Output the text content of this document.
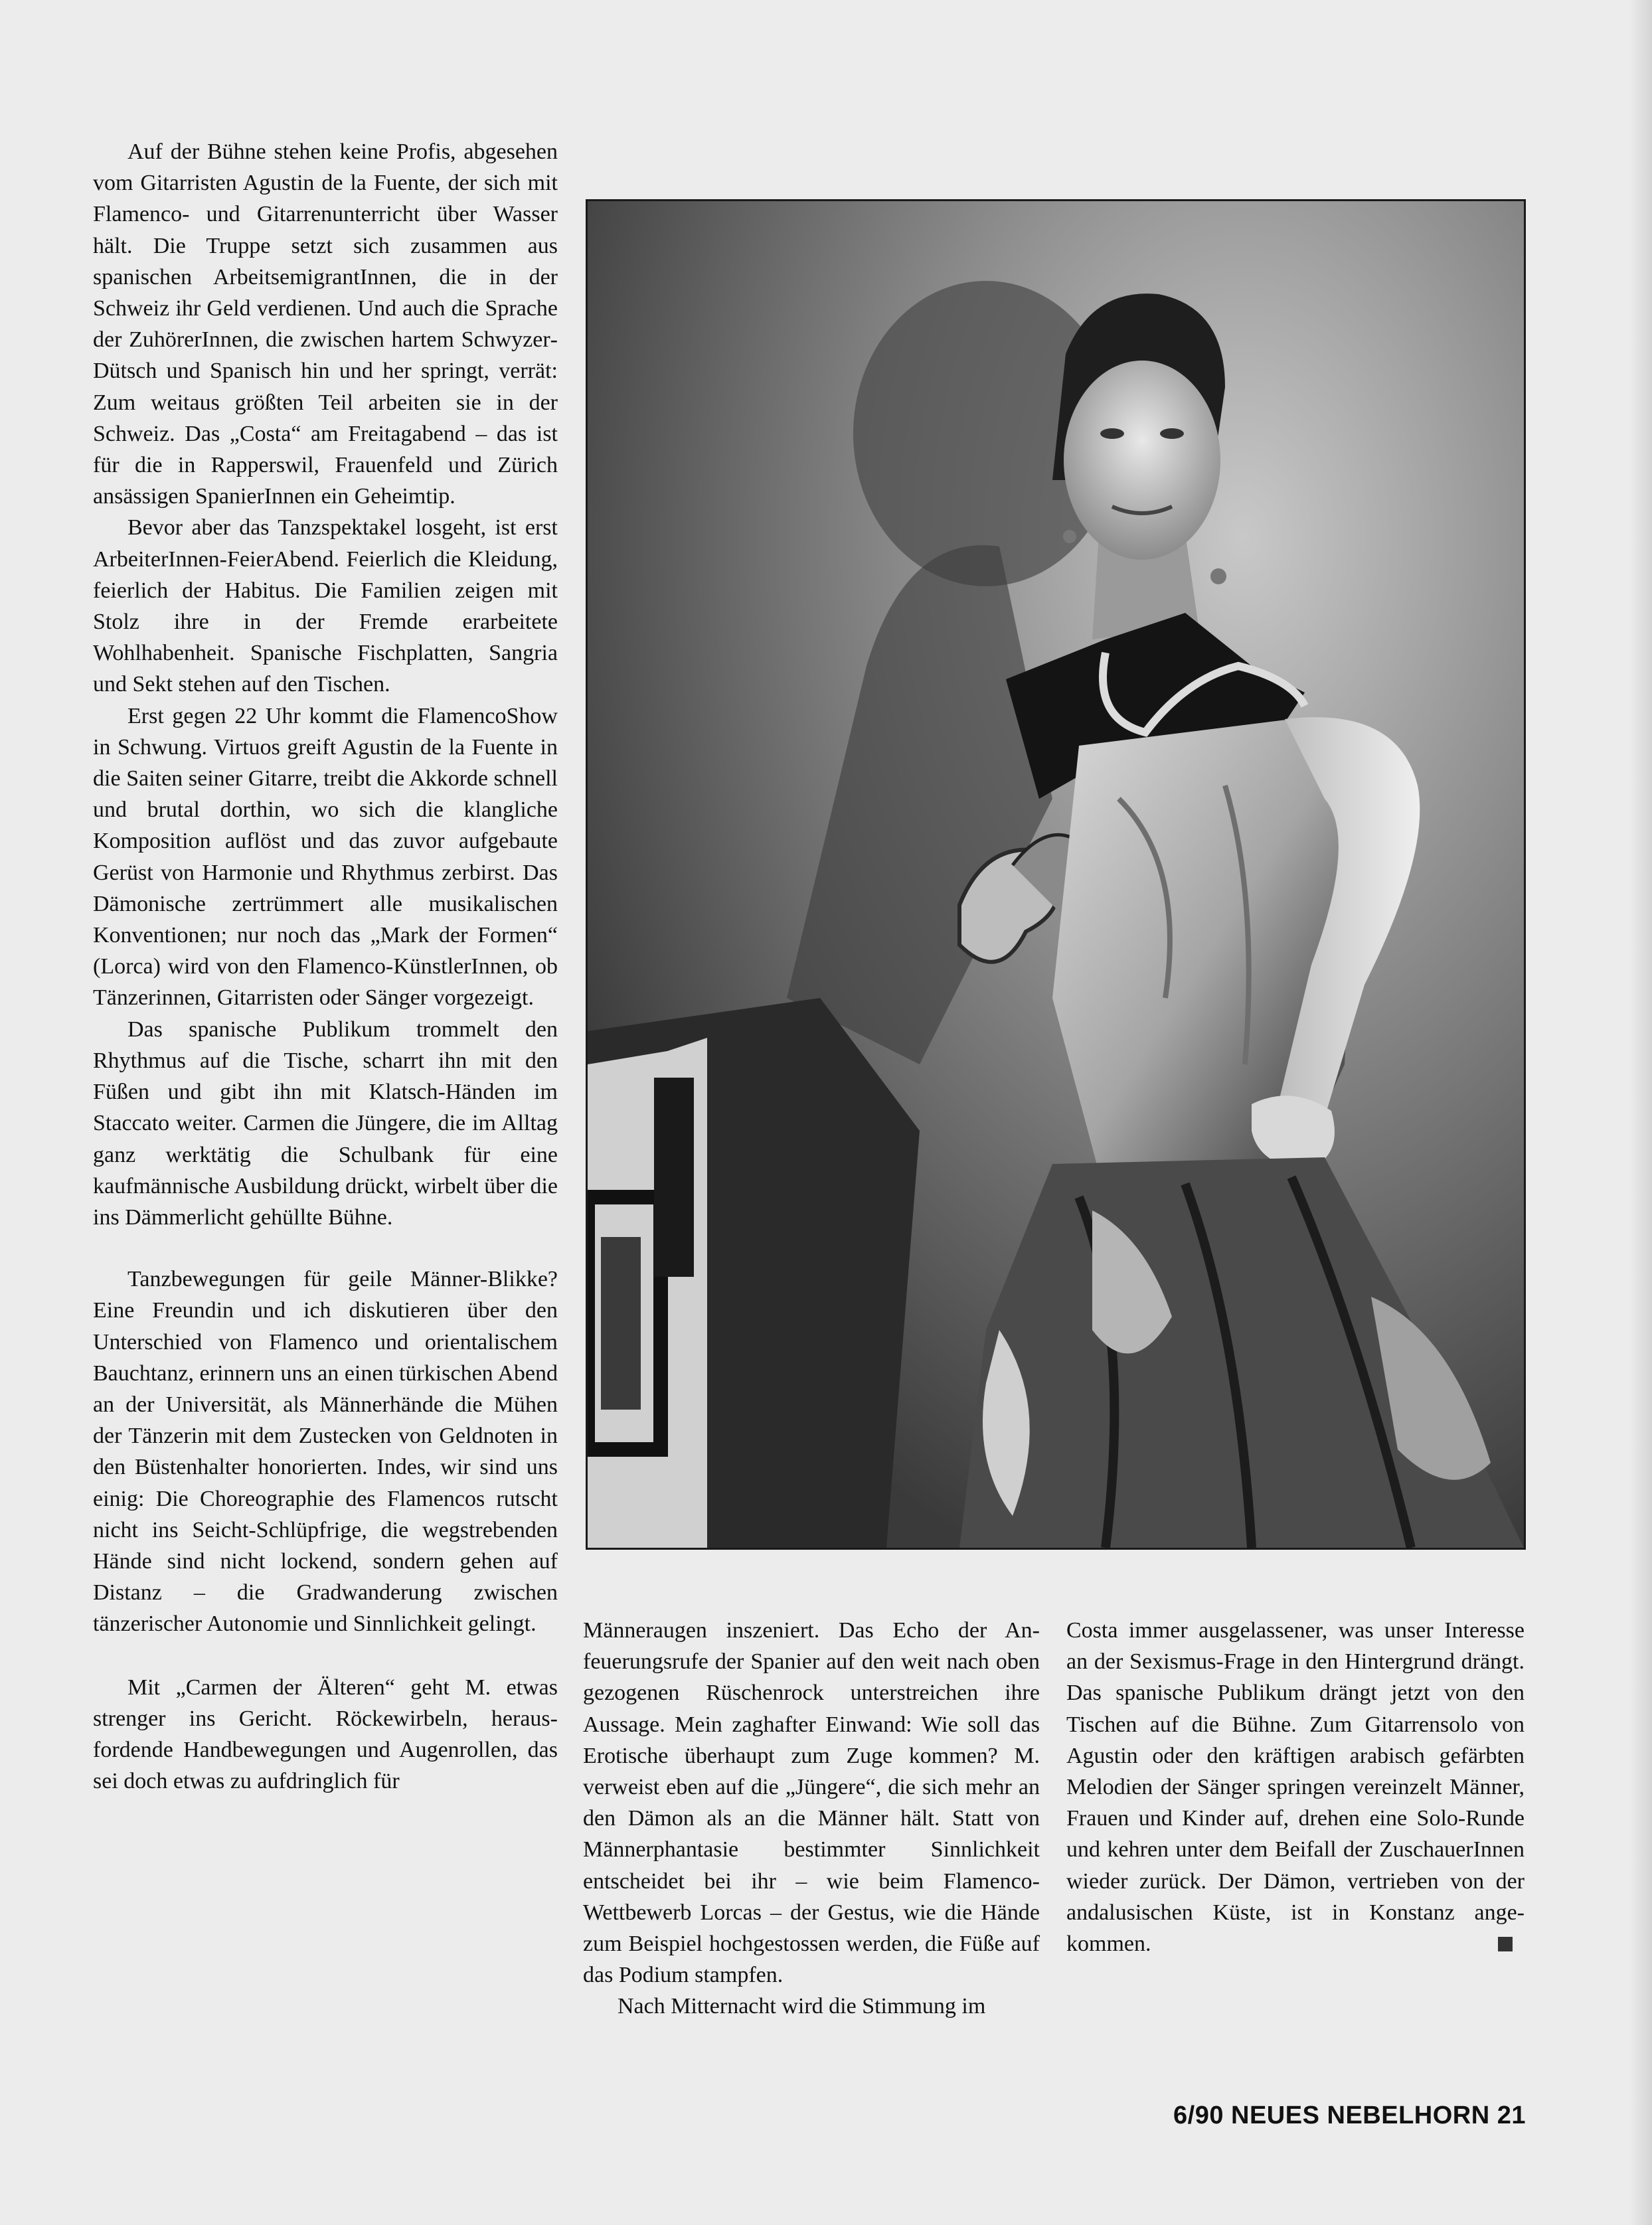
Auf der Bühne stehen keine Profis, abgesehen vom Gitarristen Agustin de la Fuente, der sich mit Flamenco- und Gitarrenunterricht über Wasser hält. Die Truppe setzt sich zusammen aus spanischen ArbeitsemigrantInnen, die in der Schweiz ihr Geld verdienen. Und auch die Sprache der ZuhörerInnen, die zwischen hartem SchwyzerDütsch und Spanisch hin und her springt, verrät: Zum weitaus größten Teil arbeiten sie in der Schweiz. Das „Costa“ am Freitagabend – das ist für die in Rapperswil, Frauenfeld und Zürich ansässigen SpanierInnen ein Geheimtip.

Bevor aber das Tanzspektakel losgeht, ist erst ArbeiterInnen-FeierAbend. Feierlich die Kleidung, feierlich der Habitus. Die Familien zeigen mit Stolz ihre in der Fremde erarbeitete Wohlhabenheit. Spanische Fischplatten, Sangria und Sekt stehen auf den Tischen.

Erst gegen 22 Uhr kommt die FlamencoShow in Schwung. Virtuos greift Agustin de la Fuente in die Saiten seiner Gitarre, treibt die Akkorde schnell und brutal dorthin, wo sich die klangliche Komposition auflöst und das zuvor aufgebaute Gerüst von Harmonie und Rhythmus zerbirst. Das Dämonische zertrümmert alle musikalischen Konventionen; nur noch das „Mark der Formen“ (Lorca) wird von den Flamenco-KünstlerInnen, ob Tänzerinnen, Gitarristen oder Sänger vorgezeigt.

Das spanische Publikum trommelt den Rhythmus auf die Tische, scharrt ihn mit den Füßen und gibt ihn mit Klatsch-Händen im Staccato weiter. Carmen die Jüngere, die im Alltag ganz werktätig die Schulbank für eine kaufmännische Ausbildung drückt, wirbelt über die ins Dämmerlicht gehüllte Bühne.

Tanzbewegungen für geile Männer-Blikke? Eine Freundin und ich diskutieren über den Unterschied von Flamenco und orientalischem Bauchtanz, erinnern uns an einen türkischen Abend an der Universität, als Männerhände die Mühen der Tänzerin mit dem Zustecken von Geldnoten in den Büstenhalter honorierten. Indes, wir sind uns einig: Die Choreographie des Flamencos rutscht nicht ins Seicht-Schlüpfrige, die wegstrebenden Hände sind nicht lockend, sondern gehen auf Distanz – die Gradwanderung zwischen tänzerischer Autonomie und Sinnlichkeit gelingt.

Mit „Carmen der Älteren“ geht M. etwas strenger ins Gericht. Röckewirbeln, herausfordende Handbewegungen und Augenrollen, das sei doch etwas zu aufdringlich für

Männeraugen inszeniert. Das Echo der Anfeuerungsrufe der Spanier auf den weit nach oben gezogenen Rüschenrock unterstreichen ihre Aussage. Mein zaghafter Einwand: Wie soll das Erotische überhaupt zum Zuge kommen? M. verweist eben auf die „Jüngere“, die sich mehr an den Dämon als an die Männer hält. Statt von Männerphantasie bestimmter Sinnlichkeit entscheidet bei ihr – wie beim Flamenco-Wettbewerb Lorcas – der Gestus, wie die Hände zum Beispiel hochgestossen werden, die Füße auf das Podium stampfen.

Nach Mitternacht wird die Stimmung im

Costa immer ausgelassener, was unser Interesse an der Sexismus-Frage in den Hintergrund drängt. Das spanische Publikum drängt jetzt von den Tischen auf die Bühne. Zum Gitarrensolo von Agustin oder den kräftigen arabisch gefärbten Melodien der Sänger springen vereinzelt Männer, Frauen und Kinder auf, drehen eine Solo-Runde und kehren unter dem Beifall der ZuschauerInnen wieder zurück. Der Dämon, vertrieben von der andalusischen Küste, ist in Konstanz angekommen.

6/90 NEUES NEBELHORN 21
